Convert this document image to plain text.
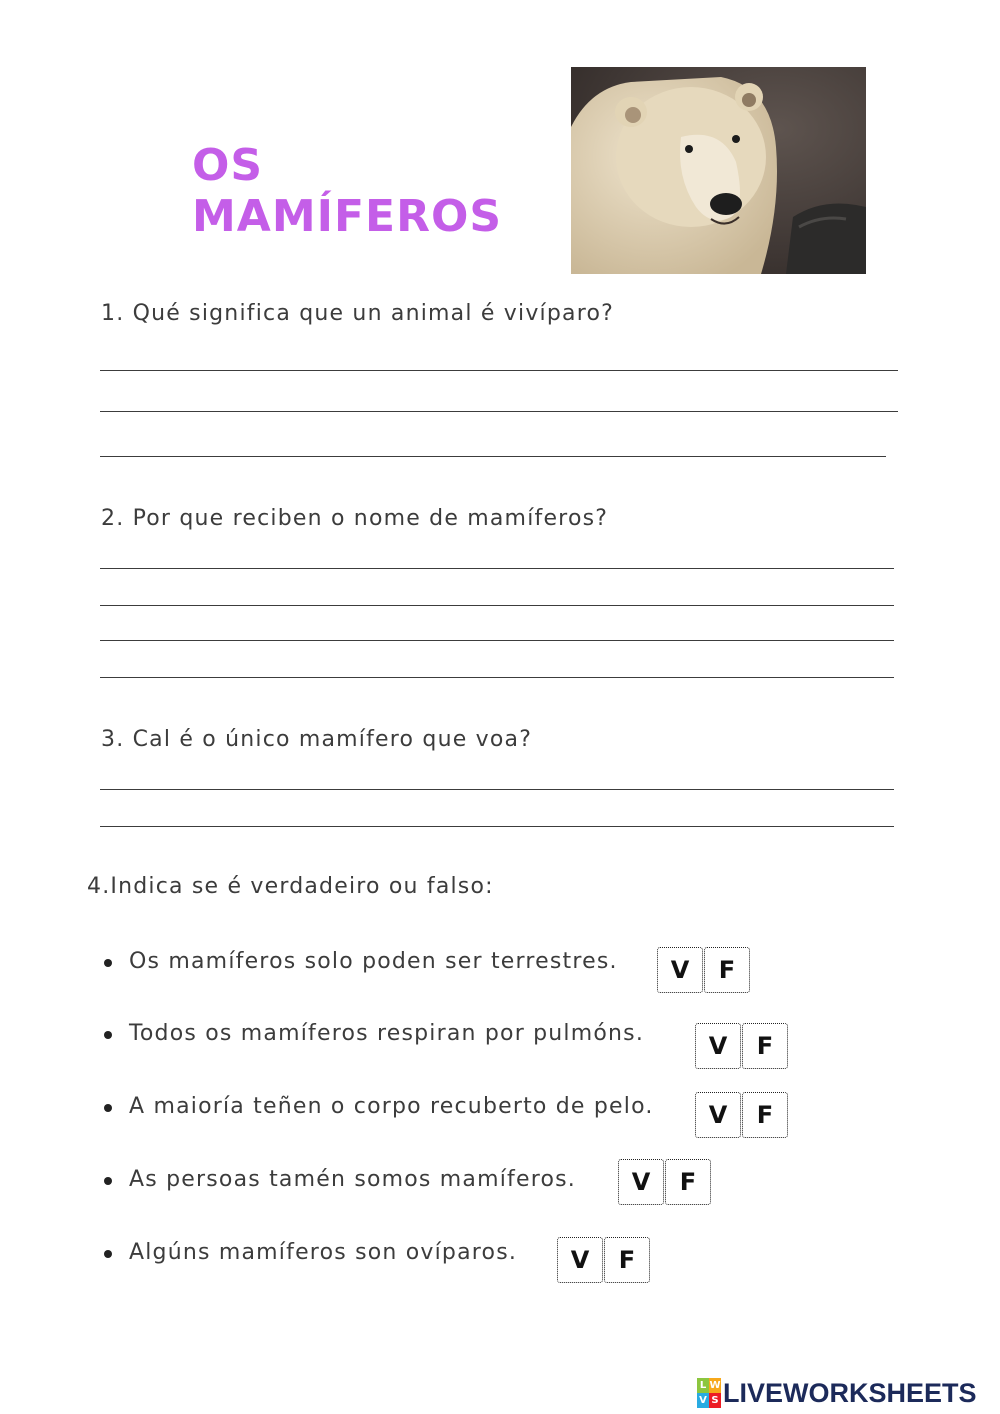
OS MAMÍFEROS
1. Qué significa que un animal é vivíparo?
2. Por que reciben o nome de mamíferos?
3. Cal é o único mamífero que voa?
4.Indica se é verdadeiro ou falso:
Os mamíferos solo poden ser terrestres.	V	F
Todos os mamíferos respiran por pulmóns.	V	F
A maioría teñen o corpo recuberto de pelo.	V	F
As persoas tamén somos mamíferos.	V	F
Algúns mamíferos son ovíparos.	V	F
L W
V S LIVEWORKSHEETS
